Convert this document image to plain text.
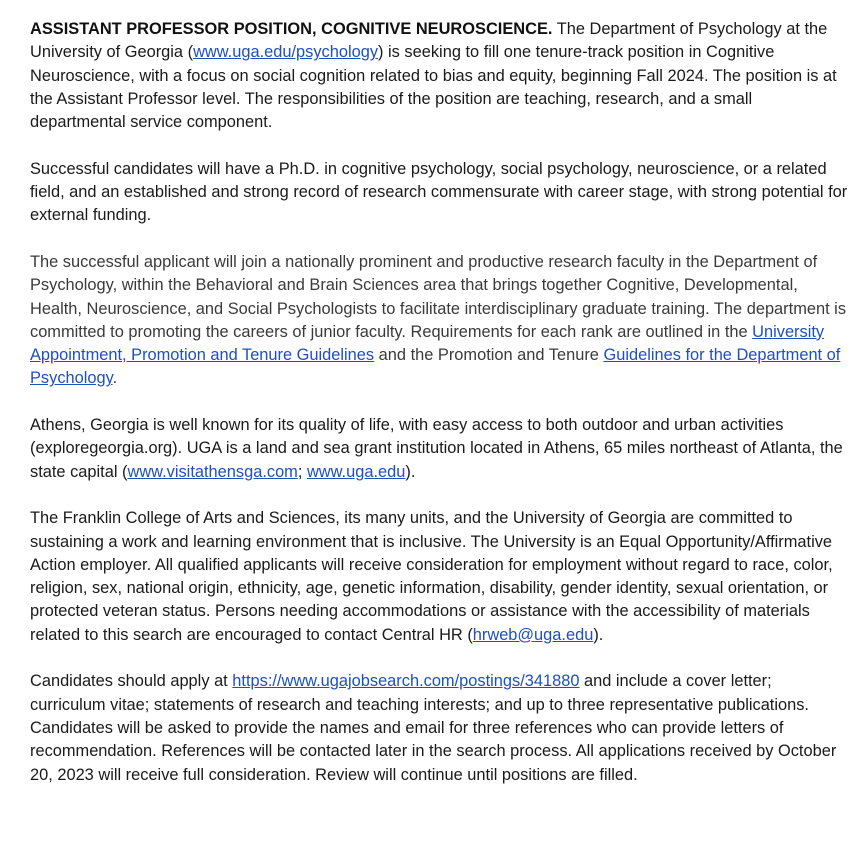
ASSISTANT PROFESSOR POSITION, COGNITIVE NEUROSCIENCE. The Department of Psychology at the University of Georgia (www.uga.edu/psychology) is seeking to fill one tenure-track position in Cognitive Neuroscience, with a focus on social cognition related to bias and equity, beginning Fall 2024. The position is at the Assistant Professor level. The responsibilities of the position are teaching, research, and a small departmental service component.

Successful candidates will have a Ph.D. in cognitive psychology, social psychology, neuroscience, or a related field, and an established and strong record of research commensurate with career stage, with strong potential for external funding.

The successful applicant will join a nationally prominent and productive research faculty in the Department of Psychology, within the Behavioral and Brain Sciences area that brings together Cognitive, Developmental, Health, Neuroscience, and Social Psychologists to facilitate interdisciplinary graduate training. The department is committed to promoting the careers of junior faculty. Requirements for each rank are outlined in the University Appointment, Promotion and Tenure Guidelines and the Promotion and Tenure Guidelines for the Department of Psychology.

Athens, Georgia is well known for its quality of life, with easy access to both outdoor and urban activities (exploregeorgia.org). UGA is a land and sea grant institution located in Athens, 65 miles northeast of Atlanta, the state capital (www.visitathensga.com; www.uga.edu).

The Franklin College of Arts and Sciences, its many units, and the University of Georgia are committed to sustaining a work and learning environment that is inclusive. The University is an Equal Opportunity/Affirmative Action employer. All qualified applicants will receive consideration for employment without regard to race, color, religion, sex, national origin, ethnicity, age, genetic information, disability, gender identity, sexual orientation, or protected veteran status. Persons needing accommodations or assistance with the accessibility of materials related to this search are encouraged to contact Central HR (hrweb@uga.edu).

Candidates should apply at https://www.ugajobsearch.com/postings/341880 and include a cover letter; curriculum vitae; statements of research and teaching interests; and up to three representative publications. Candidates will be asked to provide the names and email for three references who can provide letters of recommendation. References will be contacted later in the search process. All applications received by October 20, 2023 will receive full consideration. Review will continue until positions are filled.
